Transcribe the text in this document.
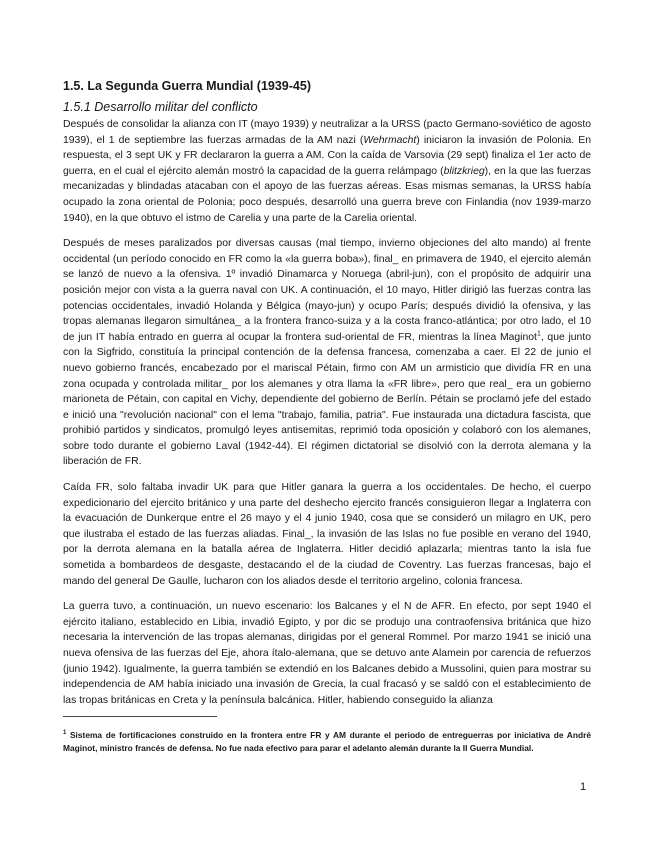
1.5. La Segunda Guerra Mundial (1939-45)
1.5.1 Desarrollo militar del conflicto

Después de consolidar la alianza con IT (mayo 1939) y neutralizar a la URSS (pacto Germano-soviético de agosto 1939), el 1 de septiembre las fuerzas armadas de la AM nazi (Wehrmacht) iniciaron la invasión de Polonia. En respuesta, el 3 sept UK y FR declararon la guerra a AM. Con la caída de Varsovia (29 sept) finaliza el 1er acto de guerra, en el cual el ejército alemán mostró la capacidad de la guerra relámpago (blitzkrieg), en la que las fuerzas mecanizadas y blindadas atacaban con el apoyo de las fuerzas aéreas. Esas mismas semanas, la URSS había ocupado la zona oriental de Polonia; poco después, desarrolló una guerra breve con Finlandia (nov 1939-marzo 1940), en la que obtuvo el istmo de Carelia y una parte de la Carelia oriental.

Después de meses paralizados por diversas causas (mal tiempo, invierno objeciones del alto mando) al frente occidental (un período conocido en FR como la «la guerra boba»), final_ en primavera de 1940, el ejercito alemán se lanzó de nuevo a la ofensiva. 1º invadió Dinamarca y Noruega (abril-jun), con el propósito de adquirir una posición mejor con vista a la guerra naval con UK. A continuación, el 10 mayo, Hitler dirigió las fuerzas contra las potencias occidentales, invadió Holanda y Bélgica (mayo-jun) y ocupo París; después dividió la ofensiva, y las tropas alemanas llegaron simultánea_ a la frontera franco-suiza y a la costa franco-atlántica; por otro lado, el 10 de jun IT había entrado en guerra al ocupar la frontera sud-oriental de FR, mientras la línea Maginot$^1$, que junto con la Sigfrido, constituía la principal contención de la defensa francesa, comenzaba a caer. El 22 de junio el nuevo gobierno francés, encabezado por el mariscal Pétain, firmo con AM un armisticio que dividía FR en una zona ocupada y controlada militar_ por los alemanes y otra llama la «FR libre», pero que real_ era un gobierno marioneta de Pétain, con capital en Vichy, dependiente del gobierno de Berlín. Pétain se proclamó jefe del estado e inició una "revolución nacional" con el lema "trabajo, familia, patria". Fue instaurada una dictadura fascista, que prohibió partidos y sindicatos, promulgó leyes antisemitas, reprimió toda oposición y colaboró con los alemanes, sobre todo durante el gobierno Laval (1942-44). El régimen dictatorial se disolvió con la derrota alemana y la liberación de FR.

Caída FR, solo faltaba invadir UK para que Hitler ganara la guerra a los occidentales. De hecho, el cuerpo expedicionario del ejercito británico y una parte del deshecho ejercito francés consiguieron llegar a Inglaterra con la evacuación de Dunkerque entre el 26 mayo y el 4 junio 1940, cosa que se consideró un milagro en UK, pero que ilustraba el estado de las fuerzas aliadas. Final_, la invasión de las Islas no fue posible en verano del 1940, por la derrota alemana en la batalla aérea de Inglaterra. Hitler decidió aplazarla; mientras tanto la isla fue sometida a bombardeos de desgaste, destacando el de la ciudad de Coventry. Las fuerzas francesas, bajo el mando del general De Gaulle, lucharon con los aliados desde el territorio argelino, colonia francesa.

La guerra tuvo, a continuación, un nuevo escenario: los Balcanes y el N de AFR. En efecto, por sept 1940 el ejército italiano, establecido en Libia, invadió Egipto, y por dic se produjo una contraofensiva británica que hizo necesaria la intervención de las tropas alemanas, dirigidas por el general Rommel. Por marzo 1941 se inició una nueva ofensiva de las fuerzas del Eje, ahora ítalo-alemana, que se detuvo ante Alamein por carencia de refuerzos (junio 1942). Igualmente, la guerra también se extendió en los Balcanes debido a Mussolini, quien para mostrar su independencia de AM había iniciado una invasión de Grecia, la cual fracasó y se saldó con el establecimiento de las tropas británicas en Creta y la península balcánica. Hitler, habiendo conseguido la alianza

$^1$ Sistema de fortificaciones construido en la frontera entre FR y AM durante el periodo de entreguerras por iniciativa de André Maginot, ministro francés de defensa. No fue nada efectivo para parar el adelanto alemán durante la II Guerra Mundial.
1
